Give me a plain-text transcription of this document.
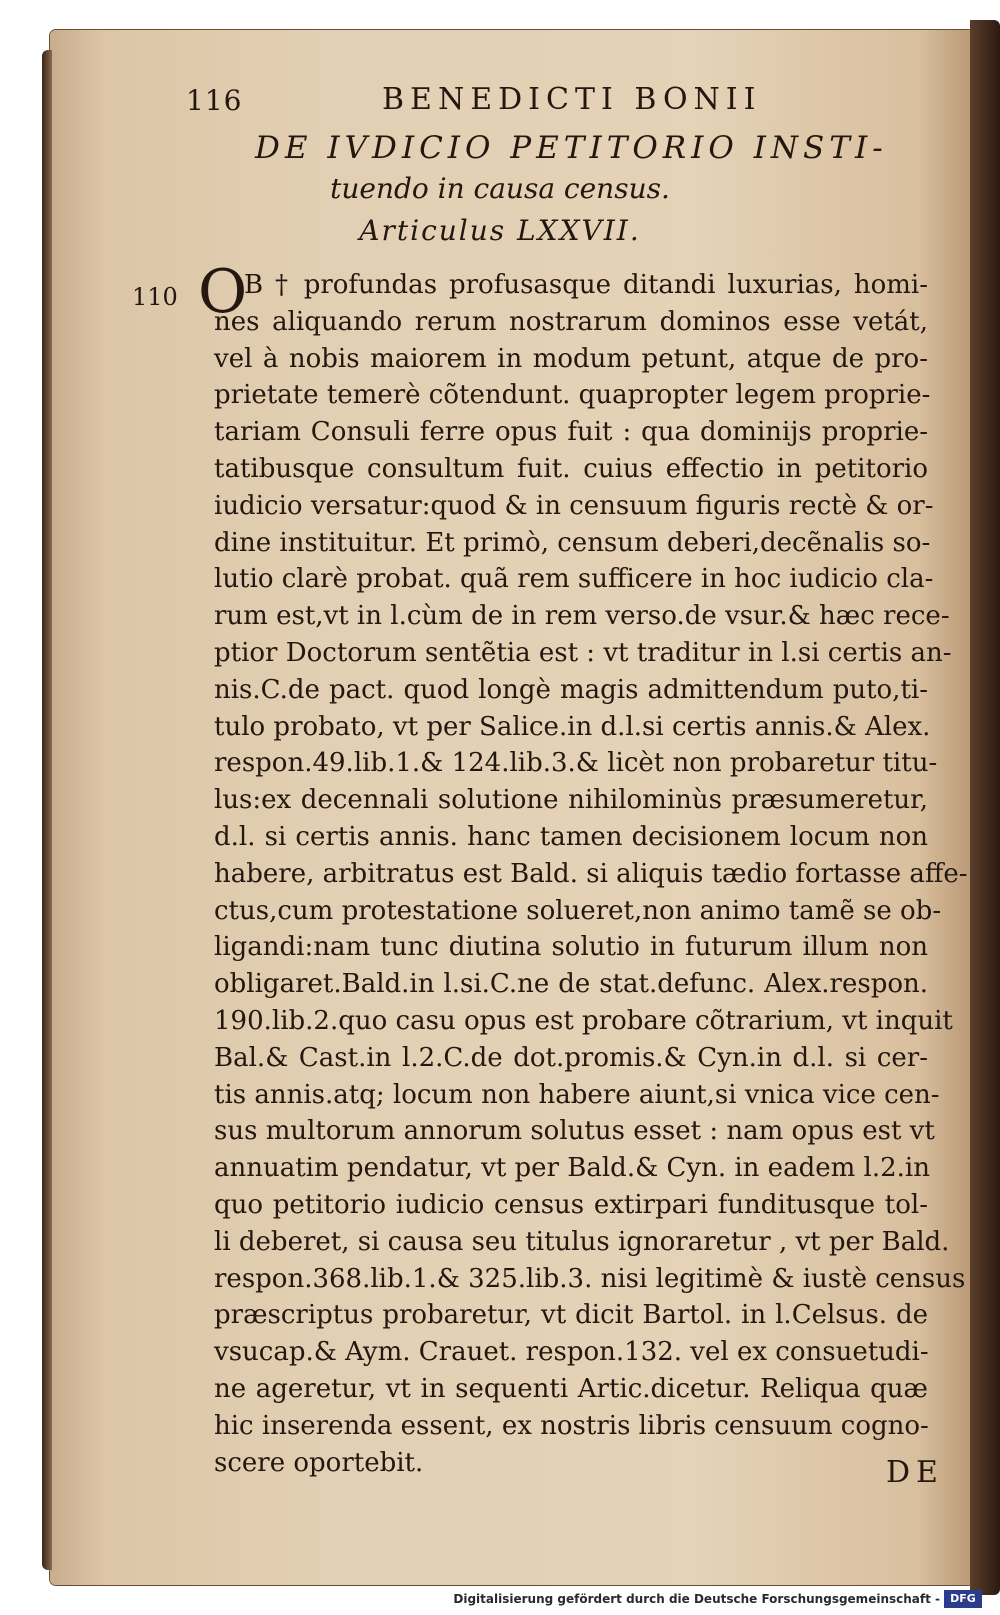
116	BENEDICTI BONII
DE IVDICIO PETITORIO INSTI-
tuendo in causa census.
Articulus LXXVII.
110 O
B † profundas profusasque ditandi luxurias, homi-
nes aliquando rerum nostrarum dominos esse vetát,
vel à nobis maiorem in modum petunt, atque de pro-
prietate temerè cõtendunt. quapropter legem proprie-
tariam Consuli ferre opus fuit : qua dominijs proprie-
tatibusque consultum fuit. cuius effectio in petitorio
iudicio versatur:quod & in censuum figuris rectè & or-
dine instituitur. Et primò, censum deberi,decẽnalis so-
lutio clarè probat. quã rem sufficere in hoc iudicio cla-
rum est,vt in l.cùm de in rem verso.de vsur.& hæc rece-
ptior Doctorum sentẽtia est : vt traditur in l.si certis an-
nis.C.de pact. quod longè magis admittendum puto,ti-
tulo probato, vt per Salice.in d.l.si certis annis.& Alex.
respon.49.lib.1.& 124.lib.3.& licèt non probaretur titu-
lus:ex decennali solutione nihilominùs præsumeretur,
d.l. si certis annis. hanc tamen decisionem locum non
habere, arbitratus est Bald. si aliquis tædio fortasse affe-
ctus,cum protestatione solueret,non animo tamẽ se ob-
ligandi:nam tunc diutina solutio in futurum illum non
obligaret.Bald.in l.si.C.ne de stat.defunc. Alex.respon.
190.lib.2.quo casu opus est probare cõtrarium, vt inquit
Bal.& Cast.in l.2.C.de dot.promis.& Cyn.in d.l. si cer-
tis annis.atq; locum non habere aiunt,si vnica vice cen-
sus multorum annorum solutus esset : nam opus est vt
annuatim pendatur, vt per Bald.& Cyn. in eadem l.2.in
quo petitorio iudicio census extirpari funditusque tol-
li deberet, si causa seu titulus ignoraretur , vt per Bald.
respon.368.lib.1.& 325.lib.3. nisi legitimè & iustè census
præscriptus probaretur, vt dicit Bartol. in l.Celsus. de
vsucap.& Aym. Crauet. respon.132. vel ex consuetudi-
ne ageretur, vt in sequenti Artic.dicetur. Reliqua quæ
hic inserenda essent, ex nostris libris censuum cogno-
scere oportebit.	DE
Digitalisierung gefördert durch die Deutsche Forschungsgemeinschaft - DFG
